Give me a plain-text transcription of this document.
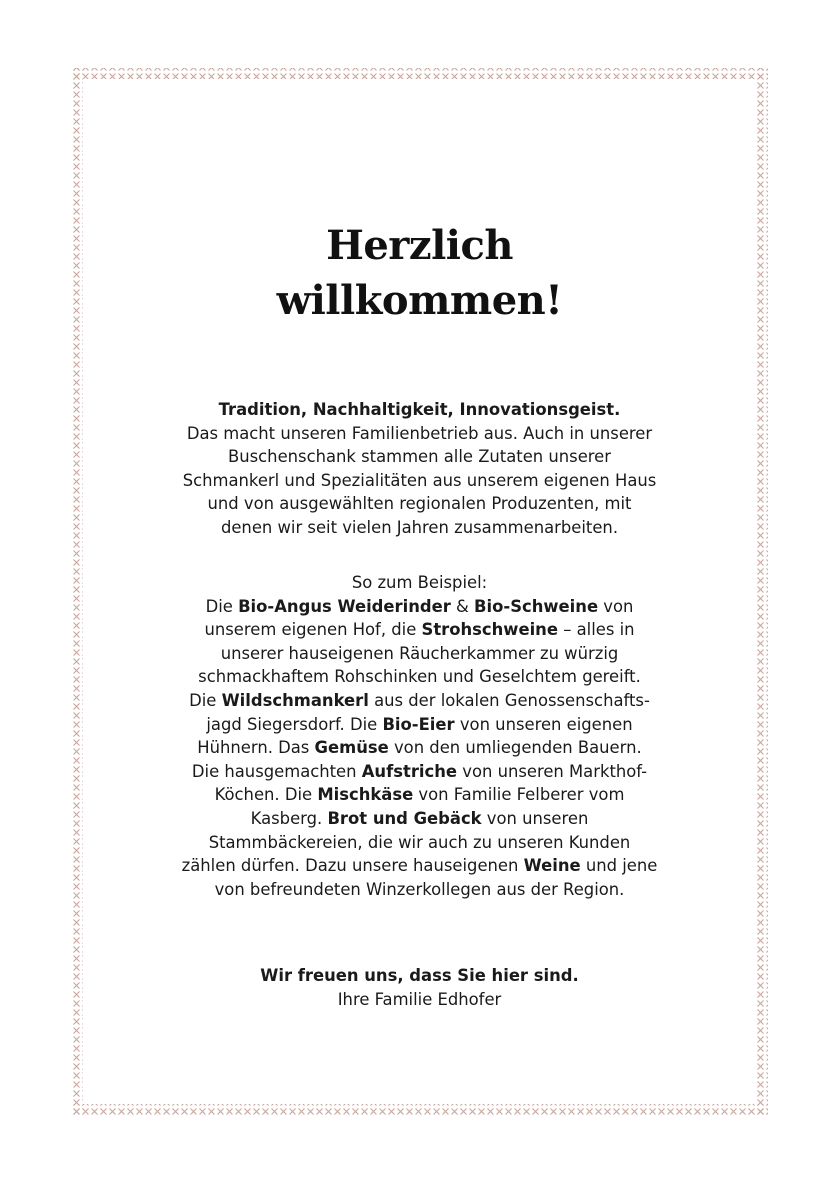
Herzlich
willkommen!

Tradition, Nachhaltigkeit, Innovationsgeist.

Das macht unseren Familienbetrieb aus. Auch in unserer

Buschenschank stammen alle Zutaten unserer

Schmankerl und Spezialitäten aus unserem eigenen Haus

und von ausgewählten regionalen Produzenten, mit

denen wir seit vielen Jahren zusammenarbeiten.

So zum Beispiel:

Die Bio-Angus Weiderinder & Bio-Schweine von

unserem eigenen Hof, die Strohschweine – alles in

unserer hauseigenen Räucherkammer zu würzig

schmackhaftem Rohschinken und Geselchtem gereift.

Die Wildschmankerl aus der lokalen Genossenschafts-

jagd Siegersdorf. Die Bio-Eier von unseren eigenen

Hühnern. Das Gemüse von den umliegenden Bauern.

Die hausgemachten Aufstriche von unseren Markthof-

Köchen. Die Mischkäse von Familie Felberer vom

Kasberg. Brot und Gebäck von unseren

Stammbäckereien, die wir auch zu unseren Kunden

zählen dürfen. Dazu unsere hauseigenen Weine und jene

von befreundeten Winzerkollegen aus der Region.

Wir freuen uns, dass Sie hier sind.

Ihre Familie Edhofer
